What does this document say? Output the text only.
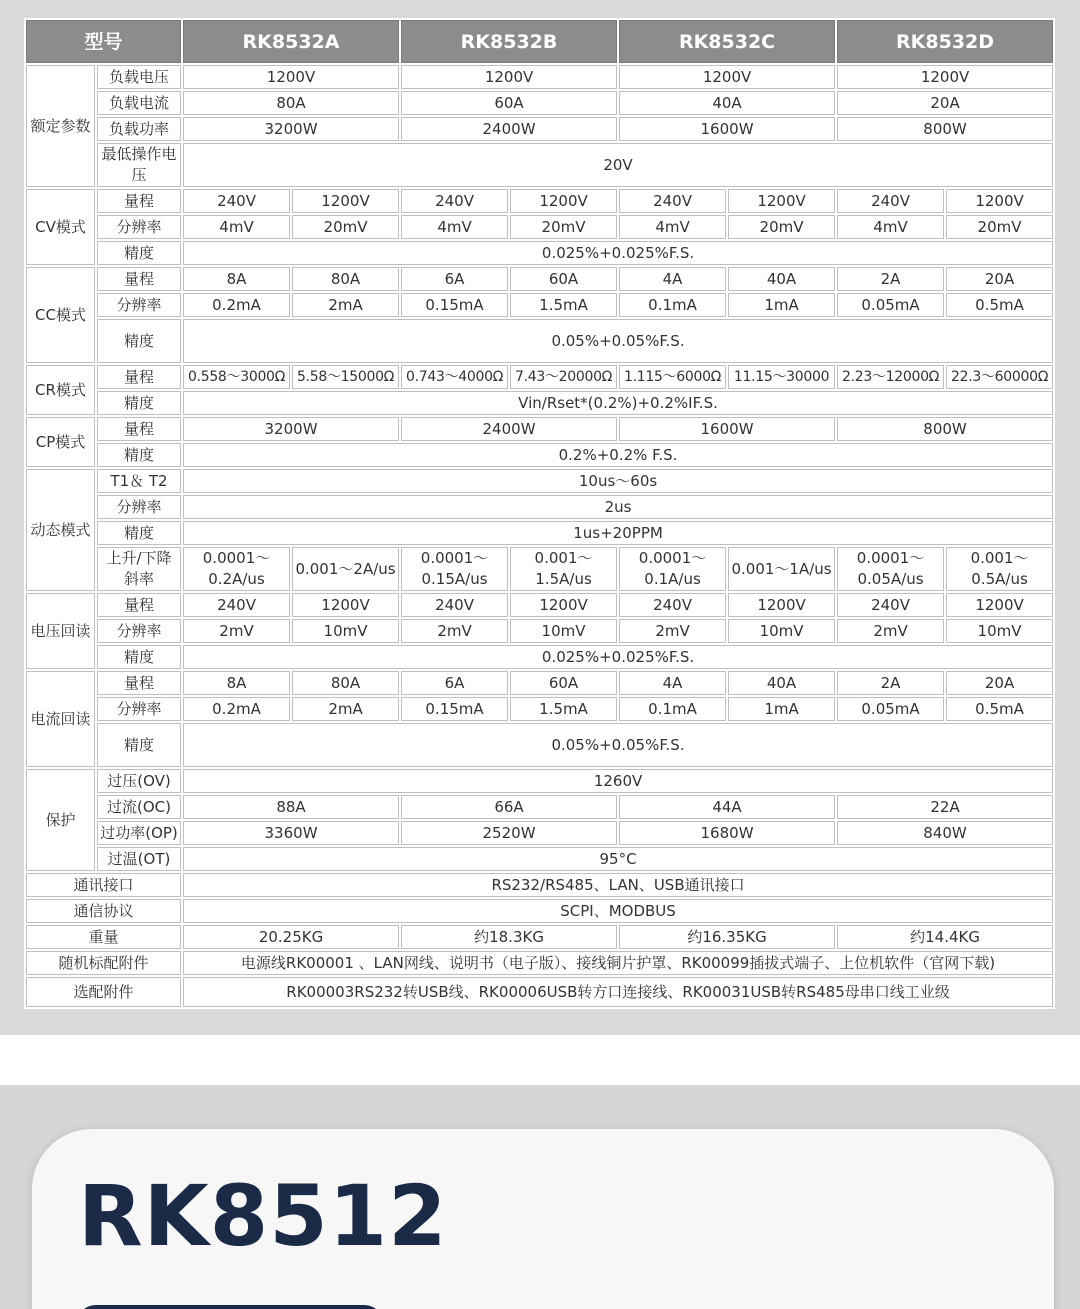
型号		RK8532A		RK8532B		RK8532C		RK8532D	
额定参数	负载电压	1200V		1200V		1200V		1200V	
	负载电流	80A		60A		40A		20A	
	负载功率	3200W		2400W		1600W		800W	
	最低操作电压	20V							
CV模式	量程	240V	1200V	240V	1200V	240V	1200V	240V	1200V
	分辨率	4mV	20mV	4mV	20mV	4mV	20mV	4mV	20mV
	精度	0.025%+0.025%F.S.							
CC模式	量程	8A	80A	6A	60A	4A	40A	2A	20A
	分辨率	0.2mA	2mA	0.15mA	1.5mA	0.1mA	1mA	0.05mA	0.5mA
	精度	0.05%+0.05%F.S.							
CR模式	量程	0.558～3000Ω	5.58～15000Ω	0.743～4000Ω	7.43～20000Ω	1.115～6000Ω	11.15～30000	2.23～12000Ω	22.3～60000Ω
	精度	Vin/Rset*(0.2%)+0.2%IF.S.							
CP模式	量程	3200W		2400W		1600W		800W	
	精度	0.2%+0.2% F.S.							
动态模式	T1＆ T2	10us～60s							
	分辨率	2us							
	精度	1us+20PPM							
	上升/下降斜率	0.0001～0.2A/us	0.001～2A/us	0.0001～0.15A/us	0.001～1.5A/us	0.0001～0.1A/us	0.001～1A/us	0.0001～0.05A/us	0.001～0.5A/us
电压回读	量程	240V	1200V	240V	1200V	240V	1200V	240V	1200V
	分辨率	2mV	10mV	2mV	10mV	2mV	10mV	2mV	10mV
	精度	0.025%+0.025%F.S.							
电流回读	量程	8A	80A	6A	60A	4A	40A	2A	20A
	分辨率	0.2mA	2mA	0.15mA	1.5mA	0.1mA	1mA	0.05mA	0.5mA
	精度	0.05%+0.05%F.S.							
保护	过压(OV)	1260V							
	过流(OC)	88A		66A		44A		22A	
	过功率(OP)	3360W		2520W		1680W		840W	
	过温(OT)	95°C							
通讯接口		RS232/RS485、LAN、USB通讯接口							
通信协议		SCPI、MODBUS							
重量		20.25KG		约18.3KG		约16.35KG		约14.4KG	
随机标配附件		电源线RK00001 、LAN网线、说明书（电子版）、接线铜片护罩、RK00099插拔式端子、上位机软件（官网下载)							
选配附件		RK00003RS232转USB线、RK00006USB转方口连接线、RK00031USB转RS485母串口线工业级							
RK8512
